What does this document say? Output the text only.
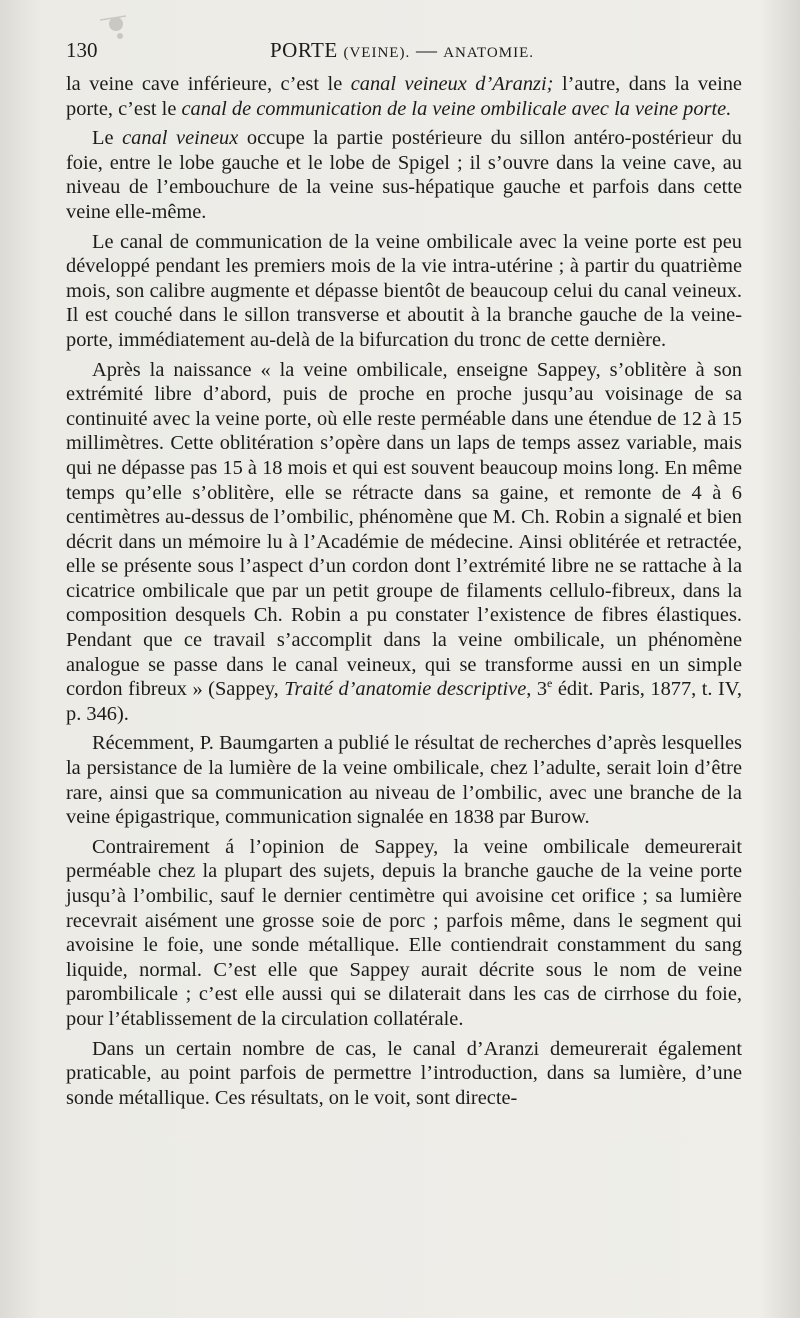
130	PORTE (VEINE). — ANATOMIE.

la veine cave inférieure, c’est le canal veineux d’Aranzi; l’autre, dans la veine porte, c’est le canal de communication de la veine ombilicale avec la veine porte.

Le canal veineux occupe la partie postérieure du sillon antéro-postérieur du foie, entre le lobe gauche et le lobe de Spigel ; il s’ouvre dans la veine cave, au niveau de l’embouchure de la veine sus-hépatique gauche et parfois dans cette veine elle-même.

Le canal de communication de la veine ombilicale avec la veine porte est peu développé pendant les premiers mois de la vie intra-utérine ; à partir du quatrième mois, son calibre augmente et dépasse bientôt de beaucoup celui du canal veineux. Il est couché dans le sillon transverse et aboutit à la branche gauche de la veine-porte, immédiatement au-delà de la bifurcation du tronc de cette dernière.

Après la naissance « la veine ombilicale, enseigne Sappey, s’oblitère à son extrémité libre d’abord, puis de proche en proche jusqu’au voisinage de sa continuité avec la veine porte, où elle reste perméable dans une étendue de 12 à 15 millimètres. Cette oblitération s’opère dans un laps de temps assez variable, mais qui ne dépasse pas 15 à 18 mois et qui est souvent beaucoup moins long. En même temps qu’elle s’oblitère, elle se rétracte dans sa gaine, et remonte de 4 à 6 centimètres au-dessus de l’ombilic, phénomène que M. Ch. Robin a signalé et bien décrit dans un mémoire lu à l’Académie de médecine. Ainsi oblitérée et retractée, elle se présente sous l’aspect d’un cordon dont l’extrémité libre ne se rattache à la cicatrice ombilicale que par un petit groupe de filaments cellulo-fibreux, dans la composition desquels Ch. Robin a pu constater l’existence de fibres élastiques. Pendant que ce travail s’accomplit dans la veine ombilicale, un phénomène analogue se passe dans le canal veineux, qui se transforme aussi en un simple cordon fibreux » (Sappey, Traité d’anatomie descriptive, 3e édit. Paris, 1877, t. IV, p. 346).

Récemment, P. Baumgarten a publié le résultat de recherches d’après lesquelles la persistance de la lumière de la veine ombilicale, chez l’adulte, serait loin d’être rare, ainsi que sa communication au niveau de l’ombilic, avec une branche de la veine épigastrique, communication signalée en 1838 par Burow.

Contrairement á l’opinion de Sappey, la veine ombilicale demeurerait perméable chez la plupart des sujets, depuis la branche gauche de la veine porte jusqu’à l’ombilic, sauf le dernier centimètre qui avoisine cet orifice ; sa lumière recevrait aisément une grosse soie de porc ; parfois même, dans le segment qui avoisine le foie, une sonde métallique. Elle contiendrait constamment du sang liquide, normal. C’est elle que Sappey aurait décrite sous le nom de veine parombilicale ; c’est elle aussi qui se dilaterait dans les cas de cirrhose du foie, pour l’établissement de la circulation collatérale.

Dans un certain nombre de cas, le canal d’Aranzi demeurerait également praticable, au point parfois de permettre l’introduction, dans sa lumière, d’une sonde métallique. Ces résultats, on le voit, sont directe-
